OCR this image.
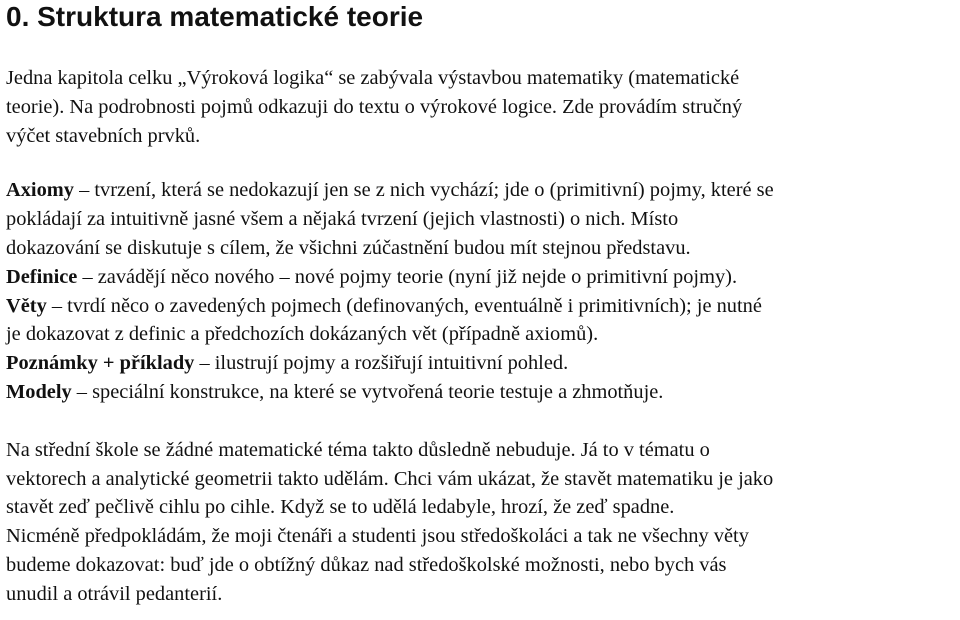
0. Struktura matematické teorie

Jedna kapitola celku „Výroková logika“ se zabývala výstavbou matematiky (matematické
teorie). Na podrobnosti pojmů odkazuji do textu o výrokové logice. Zde provádím stručný
výčet stavebních prvků.

Axiomy – tvrzení, která se nedokazují jen se z nich vychází; jde o (primitivní) pojmy, které se
pokládají za intuitivně jasné všem a nějaká tvrzení (jejich vlastnosti) o nich. Místo
dokazování se diskutuje s cílem, že všichni zúčastnění budou mít stejnou představu.
Definice – zavádějí něco nového – nové pojmy teorie (nyní již nejde o primitivní pojmy).
Věty – tvrdí něco o zavedených pojmech (definovaných, eventuálně i primitivních); je nutné
je dokazovat z definic a předchozích dokázaných vět (případně axiomů).
Poznámky + příklady – ilustrují pojmy a rozšiřují intuitivní pohled.
Modely – speciální konstrukce, na které se vytvořená teorie testuje a zhmotňuje.

Na střední škole se žádné matematické téma takto důsledně nebuduje. Já to v tématu o
vektorech a analytické geometrii takto udělám. Chci vám ukázat, že stavět matematiku je jako
stavět zeď pečlivě cihlu po cihle. Když se to udělá ledabyle, hrozí, že zeď spadne.
Nicméně předpokládám, že moji čtenáři a studenti jsou středoškoláci a tak ne všechny věty
budeme dokazovat: buď jde o obtížný důkaz nad středoškolské možnosti, nebo bych vás
unudil a otrávil pedanterií.
